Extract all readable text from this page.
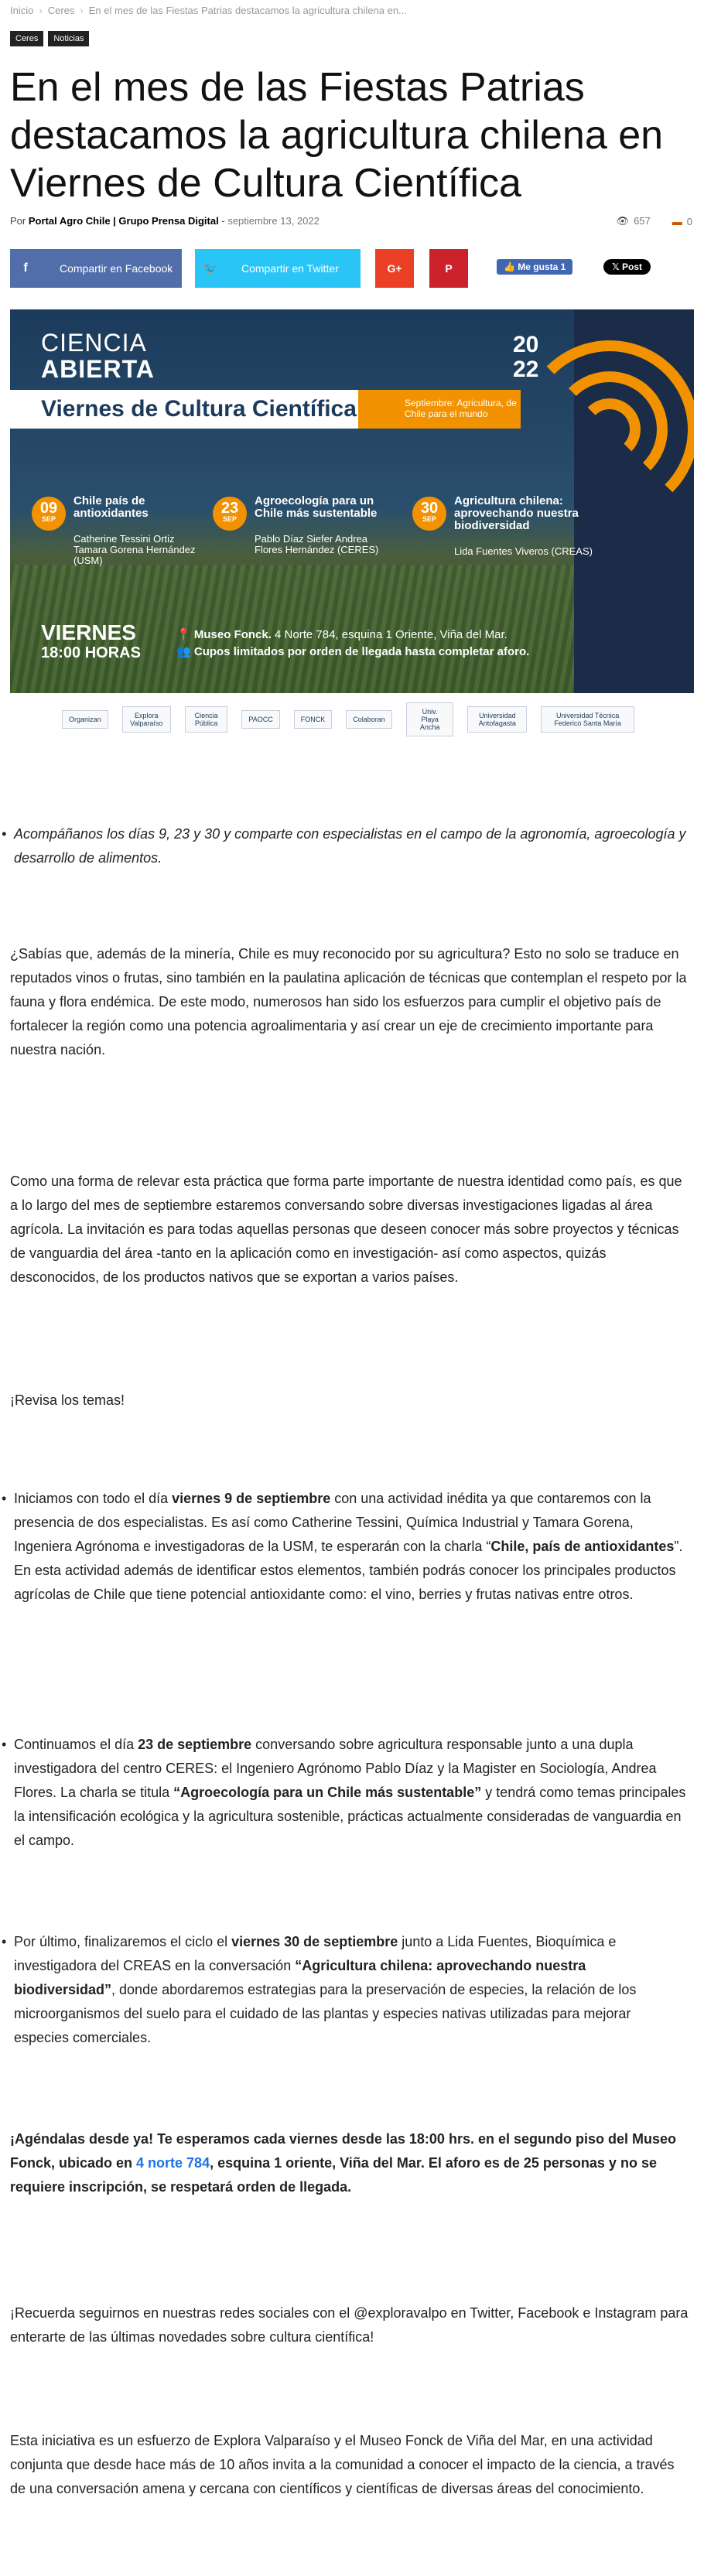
Inicio › Ceres › En el mes de las Fiestas Patrias destacamos la agricultura chilena en...
Ceres	Noticias
En el mes de las Fiestas Patrias destacamos la agricultura chilena en Viernes de Cultura Científica
Por Portal Agro Chile | Grupo Prensa Digital - septiembre 13, 2022	👁 657 ▬ 0
f	Compartir en Facebook	🐦	Compartir en Twitter	G+	P	👍 Me gusta 1	𝕏 Post
CIENCIA
ABIERTA
20
22
Viernes de Cultura Científica	Septiembre: Agricultura, de Chile para el mundo
09
SEP
Chile país de antioxidantes
Catherine Tessini Ortiz Tamara Gorena Hernández (USM)
23
SEP
Agroecología para un Chile más sustentable
Pablo Díaz Siefer Andrea Flores Hernández (CERES)
30
SEP
Agricultura chilena: aprovechando nuestra biodiversidad
Lida Fuentes Viveros (CREAS)
VIERNES
18:00 HORAS
📍 Museo Fonck. 4 Norte 784, esquina 1 Oriente, Viña del Mar.
👥 Cupos limitados por orden de llegada hasta completar aforo.
Organizan	Explora Valparaíso
Ciencia Pública	PAOCC	FONCK	Colaboran
Univ. Playa Ancha
Universidad Antofagasta
Universidad Técnica Federico Santa María
• Acompáñanos los días 9, 23 y 30 y comparte con especialistas en el campo de la agronomía, agroecología y desarrollo de alimentos.

¿Sabías que, además de la minería, Chile es muy reconocido por su agricultura? Esto no solo se traduce en reputados vinos o frutas, sino también en la paulatina aplicación de técnicas que contemplan el respeto por la fauna y flora endémica. De este modo, numerosos han sido los esfuerzos para cumplir el objetivo país de fortalecer la región como una potencia agroalimentaria y así crear un eje de crecimiento importante para nuestra nación.

Como una forma de relevar esta práctica que forma parte importante de nuestra identidad como país, es que a lo largo del mes de septiembre estaremos conversando sobre diversas investigaciones ligadas al área agrícola. La invitación es para todas aquellas personas que deseen conocer más sobre proyectos y técnicas de vanguardia del área -tanto en la aplicación como en investigación- así como aspectos, quizás desconocidos, de los productos nativos que se exportan a varios países.

¡Revisa los temas!

• Iniciamos con todo el día viernes 9 de septiembre con una actividad inédita ya que contaremos con la presencia de dos especialistas. Es así como Catherine Tessini, Química Industrial y Tamara Gorena, Ingeniera Agrónoma e investigadoras de la USM, te esperarán con la charla “Chile, país de antioxidantes”. En esta actividad además de identificar estos elementos, también podrás conocer los principales productos agrícolas de Chile que tiene potencial antioxidante como: el vino, berries y frutas nativas entre otros.
• Continuamos el día 23 de septiembre conversando sobre agricultura responsable junto a una dupla investigadora del centro CERES: el Ingeniero Agrónomo Pablo Díaz y la Magister en Sociología, Andrea Flores. La charla se titula “Agroecología para un Chile más sustentable” y tendrá como temas principales la intensificación ecológica y la agricultura sostenible, prácticas actualmente consideradas de vanguardia en el campo.
• Por último, finalizaremos el ciclo el viernes 30 de septiembre junto a Lida Fuentes, Bioquímica e investigadora del CREAS en la conversación “Agricultura chilena: aprovechando nuestra biodiversidad”, donde abordaremos estrategias para la preservación de especies, la relación de los microorganismos del suelo para el cuidado de las plantas y especies nativas utilizadas para mejorar especies comerciales.

¡Agéndalas desde ya! Te esperamos cada viernes desde las 18:00 hrs. en el segundo piso del Museo Fonck, ubicado en 4 norte 784, esquina 1 oriente, Viña del Mar. El aforo es de 25 personas y no se requiere inscripción, se respetará orden de llegada.

¡Recuerda seguirnos en nuestras redes sociales con el @exploravalpo en Twitter, Facebook e Instagram para enterarte de las últimas novedades sobre cultura científica!

Esta iniciativa es un esfuerzo de Explora Valparaíso y el Museo Fonck de Viña del Mar, en una actividad conjunta que desde hace más de 10 años invita a la comunidad a conocer el impacto de la ciencia, a través de una conversación amena y cercana con científicos y científicas de diversas áreas del conocimiento.
